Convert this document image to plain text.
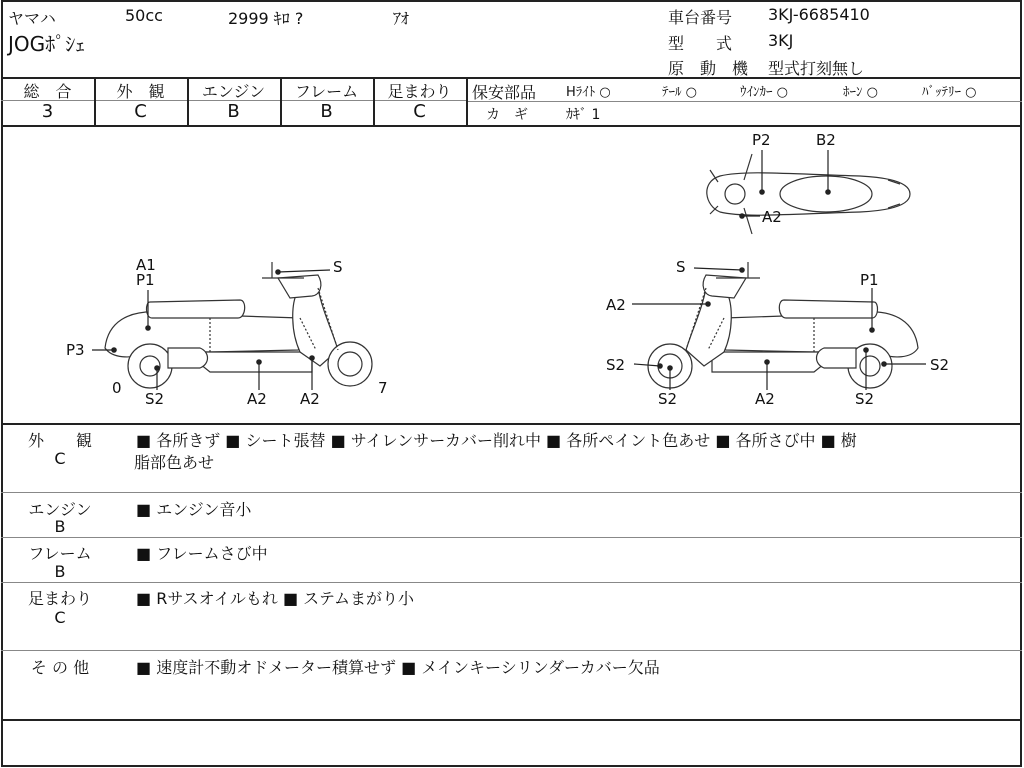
ヤマハ	50cc	2999 ｷﾛ ?	ｱｵ
JOGﾎﾟｼｪ
車台番号 3KJ-6685410
型　　式 3KJ
原　動　機 型式打刻無し
総　合	外　観	エンジン	フレーム	足まわり
3	C	B	B	C
保安部品 Hﾗｲﾄ ○	ﾃｰﾙ ○	ｳｲﾝｶｰ ○	ﾎｰﾝ ○	ﾊﾞｯﾃﾘｰ ○
カ　ギ	ｶｷﾞ 1
A1
P1
S
P3
0
S2	A2 A2
7
S
P1
A2
S2
S2
S2
A2	S2
P2	B2
A2
外　　観
C
■ 各所きず ■ シート張替 ■ サイレンサーカバー削れ中 ■ 各所ペイント色あせ ■ 各所さび中 ■ 樹
脂部色あせ
エンジン
B
■ エンジン音小
フレーム
B
■ フレームさび中
足まわり
C
■ Rサスオイルもれ ■ ステムまがり小
そ の 他	■ 速度計不動オドメーター積算せず ■ メインキーシリンダーカバー欠品
